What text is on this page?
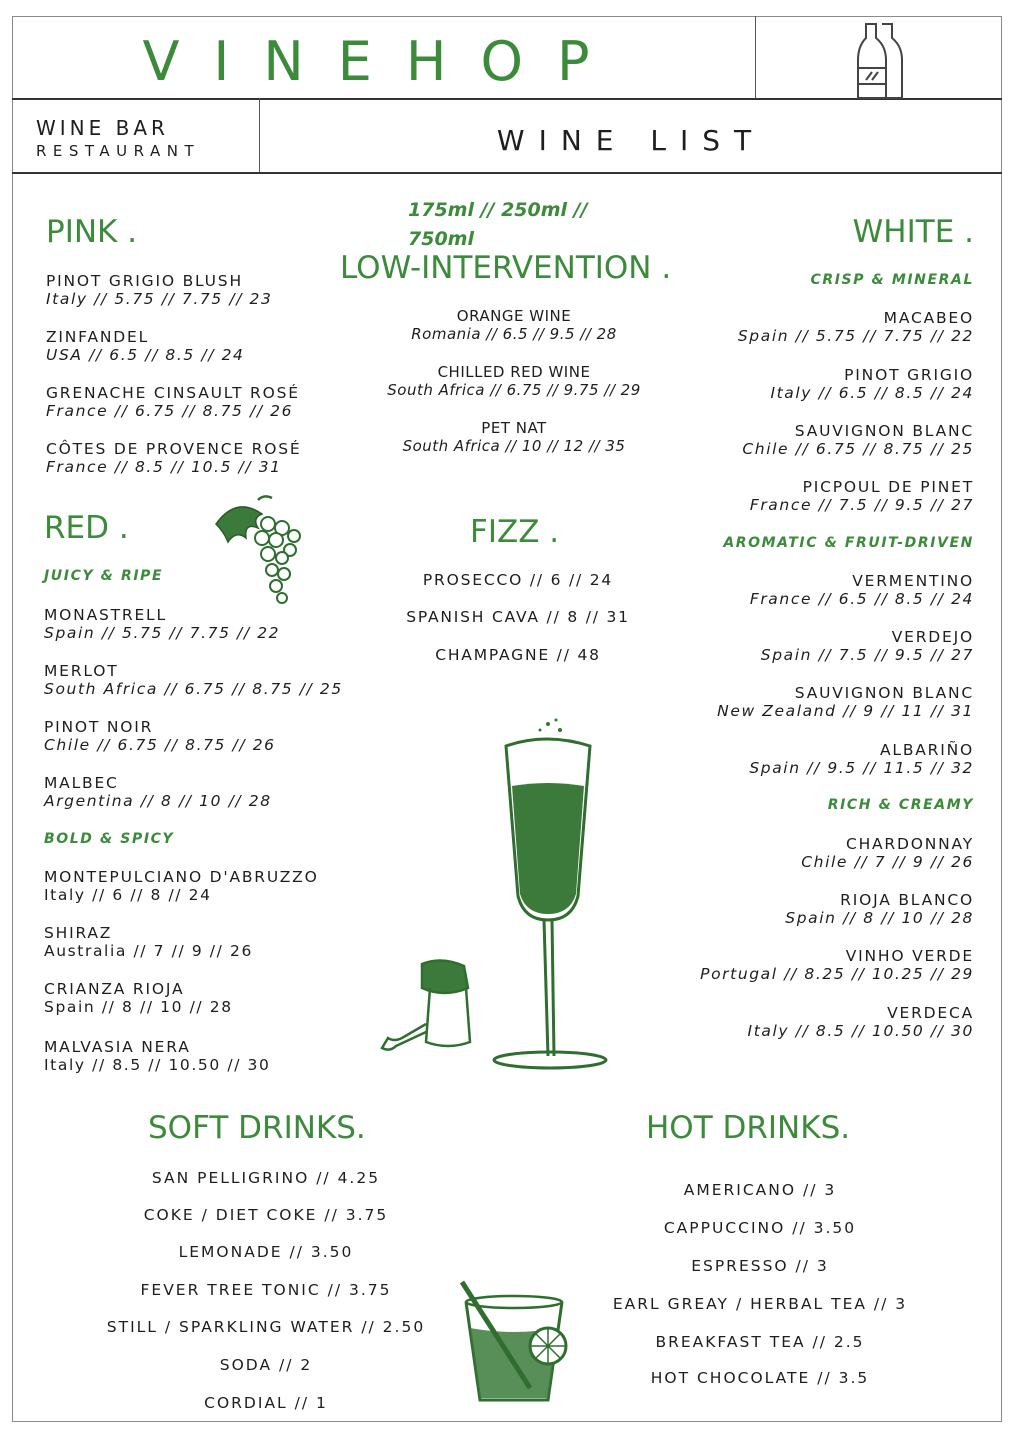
VINEHOP
WINE BAR
RESTAURANT	WINE LIST
175ml // 250ml //
750ml
PINK .
PINOT GRIGIO BLUSH
Italy // 5.75 // 7.75 // 23
ZINFANDEL
USA // 6.5 // 8.5 // 24
GRENACHE CINSAULT ROSÉ
France // 6.75 // 8.75 // 26
CÔTES DE PROVENCE ROSÉ
France // 8.5 // 10.5 // 31
RED .
JUICY & RIPE
MONASTRELL
Spain // 5.75 // 7.75 // 22
MERLOT
South Africa // 6.75 // 8.75 // 25
PINOT NOIR
Chile // 6.75 // 8.75 // 26
MALBEC
Argentina // 8 // 10 // 28
BOLD & SPICY
MONTEPULCIANO D'ABRUZZO
Italy // 6 // 8 // 24
SHIRAZ
Australia // 7 // 9 // 26
CRIANZA RIOJA
Spain // 8 // 10 // 28
MALVASIA NERA
Italy // 8.5 // 10.50 // 30
LOW-INTERVENTION .
ORANGE WINE
Romania // 6.5 // 9.5 // 28
CHILLED RED WINE
South Africa // 6.75 // 9.75 // 29
PET NAT
South Africa // 10 // 12 // 35
FIZZ .
PROSECCO // 6 // 24
SPANISH CAVA // 8 // 31
CHAMPAGNE // 48
WHITE .
CRISP & MINERAL
MACABEO
Spain // 5.75 // 7.75 // 22
PINOT GRIGIO
Italy // 6.5 // 8.5 // 24
SAUVIGNON BLANC
Chile // 6.75 // 8.75 // 25
PICPOUL DE PINET
France // 7.5 // 9.5 // 27
AROMATIC & FRUIT-DRIVEN
VERMENTINO
France // 6.5 // 8.5 // 24
VERDEJO
Spain // 7.5 // 9.5 // 27
SAUVIGNON BLANC
New Zealand // 9 // 11 // 31
ALBARIÑO
Spain // 9.5 // 11.5 // 32
RICH & CREAMY
CHARDONNAY
Chile // 7 // 9 // 26
RIOJA BLANCO
Spain // 8 // 10 // 28
VINHO VERDE
Portugal // 8.25 // 10.25 // 29
VERDECA
Italy // 8.5 // 10.50 // 30
SOFT DRINKS.
SAN PELLIGRINO // 4.25
COKE / DIET COKE // 3.75
LEMONADE // 3.50
FEVER TREE TONIC // 3.75
STILL / SPARKLING WATER // 2.50
SODA // 2
CORDIAL // 1
HOT DRINKS.
AMERICANO // 3
CAPPUCCINO // 3.50
ESPRESSO // 3
EARL GREAY / HERBAL TEA // 3
BREAKFAST TEA // 2.5
HOT CHOCOLATE // 3.5
